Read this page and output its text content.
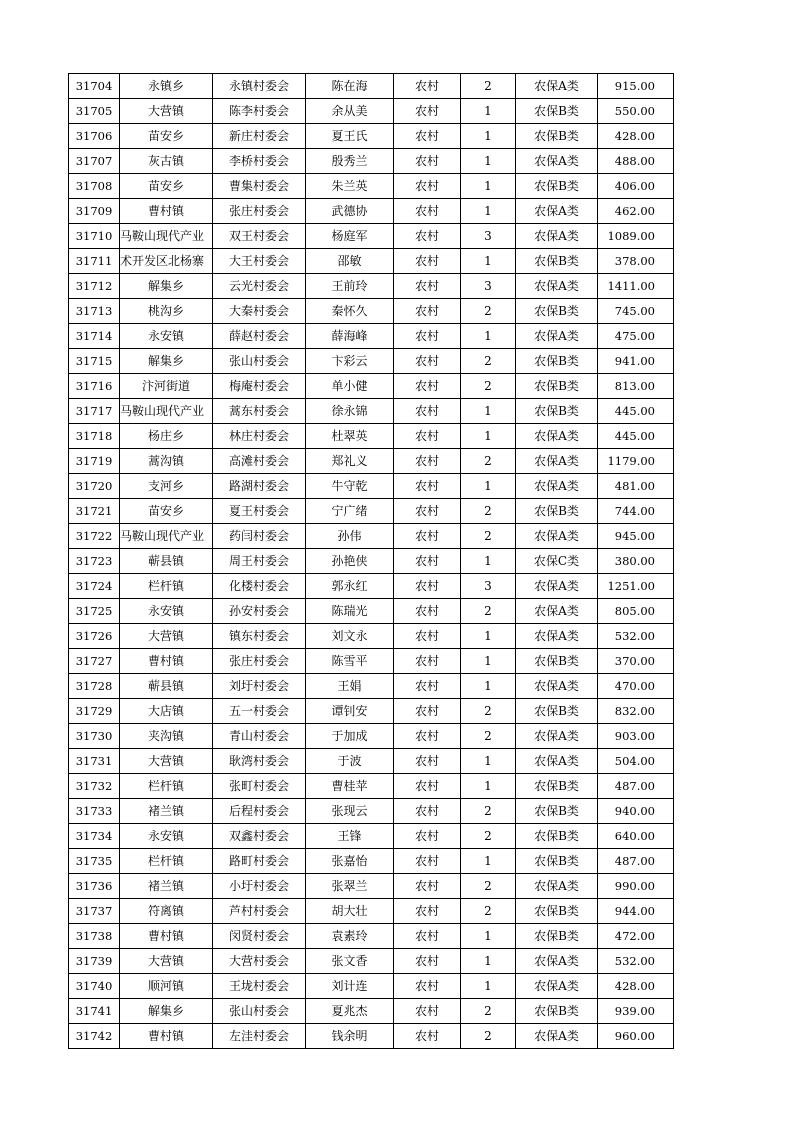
31704	永镇乡	永镇村委会	陈在海	农村	2	农保A类	915.00
31705	大营镇	陈李村委会	余从美	农村	1	农保B类	550.00
31706	苗安乡	新庄村委会	夏王氏	农村	1	农保B类	428.00
31707	灰古镇	李桥村委会	殷秀兰	农村	1	农保A类	488.00
31708	苗安乡	曹集村委会	朱兰英	农村	1	农保B类	406.00
31709	曹村镇	张庄村委会	武德协	农村	1	农保A类	462.00
31710	马鞍山现代产业	双王村委会	杨庭军	农村	3	农保A类	1089.00
31711	术开发区北杨寨	大王村委会	邵敏	农村	1	农保B类	378.00
31712	解集乡	云光村委会	王前玲	农村	3	农保A类	1411.00
31713	桃沟乡	大秦村委会	秦怀久	农村	2	农保B类	745.00
31714	永安镇	薛赵村委会	薛海峰	农村	1	农保A类	475.00
31715	解集乡	张山村委会	卞彩云	农村	2	农保B类	941.00
31716	汴河街道	梅庵村委会	单小健	农村	2	农保B类	813.00
31717	马鞍山现代产业	蒿东村委会	徐永锦	农村	1	农保B类	445.00
31718	杨庄乡	林庄村委会	杜翠英	农村	1	农保A类	445.00
31719	蒿沟镇	高滩村委会	郑礼义	农村	2	农保A类	1179.00
31720	支河乡	路湖村委会	牛守乾	农村	1	农保A类	481.00
31721	苗安乡	夏王村委会	宁广绪	农村	2	农保B类	744.00
31722	马鞍山现代产业	药闫村委会	孙伟	农村	2	农保A类	945.00
31723	蕲县镇	周王村委会	孙艳侠	农村	1	农保C类	380.00
31724	栏杆镇	化楼村委会	郭永红	农村	3	农保A类	1251.00
31725	永安镇	孙安村委会	陈瑞光	农村	2	农保A类	805.00
31726	大营镇	镇东村委会	刘文永	农村	1	农保A类	532.00
31727	曹村镇	张庄村委会	陈雪平	农村	1	农保B类	370.00
31728	蕲县镇	刘圩村委会	王娟	农村	1	农保A类	470.00
31729	大店镇	五一村委会	谭钊安	农村	2	农保B类	832.00
31730	夹沟镇	青山村委会	于加成	农村	2	农保A类	903.00
31731	大营镇	耿湾村委会	于波	农村	1	农保A类	504.00
31732	栏杆镇	张町村委会	曹桂苹	农村	1	农保B类	487.00
31733	褚兰镇	后程村委会	张现云	农村	2	农保B类	940.00
31734	永安镇	双鑫村委会	王锋	农村	2	农保B类	640.00
31735	栏杆镇	路町村委会	张嘉怡	农村	1	农保B类	487.00
31736	褚兰镇	小圩村委会	张翠兰	农村	2	农保A类	990.00
31737	符离镇	芦村村委会	胡大壮	农村	2	农保B类	944.00
31738	曹村镇	闵贤村委会	袁素玲	农村	1	农保B类	472.00
31739	大营镇	大营村委会	张文香	农村	1	农保A类	532.00
31740	顺河镇	王垅村委会	刘计连	农村	1	农保A类	428.00
31741	解集乡	张山村委会	夏兆杰	农村	2	农保B类	939.00
31742	曹村镇	左洼村委会	钱余明	农村	2	农保A类	960.00
